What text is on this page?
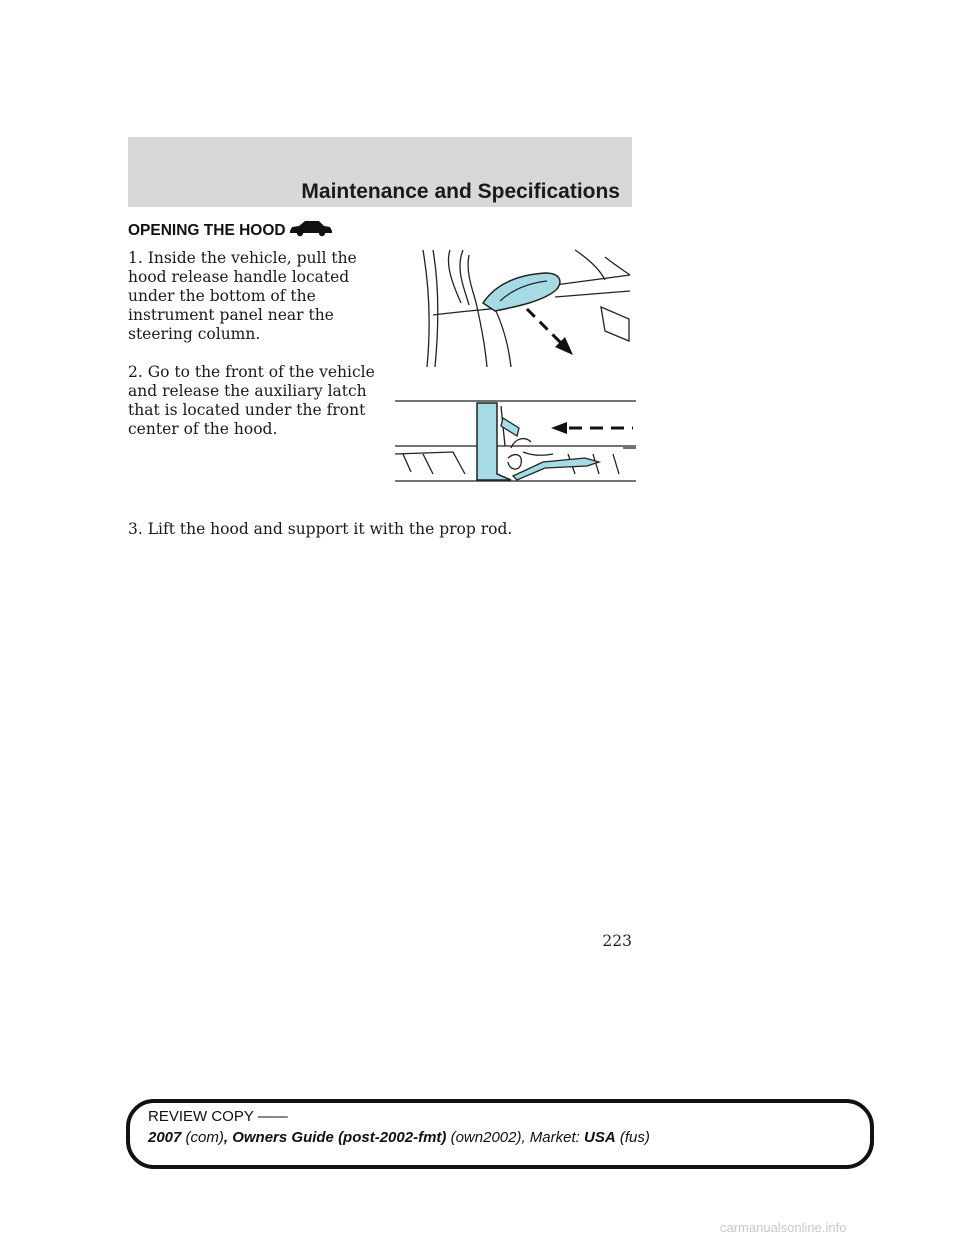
Maintenance and Specifications
OPENING THE HOOD

1. Inside the vehicle, pull the hood release handle located under the bottom of the instrument panel near the steering column.

2. Go to the front of the vehicle and release the auxiliary latch that is located under the front center of the hood.

3. Lift the hood and support it with the prop rod.

223

REVIEW COPY ——
2007 (com), Owners Guide (post-2002-fmt) (own2002), Market: USA (fus)
carmanualsonline.info
